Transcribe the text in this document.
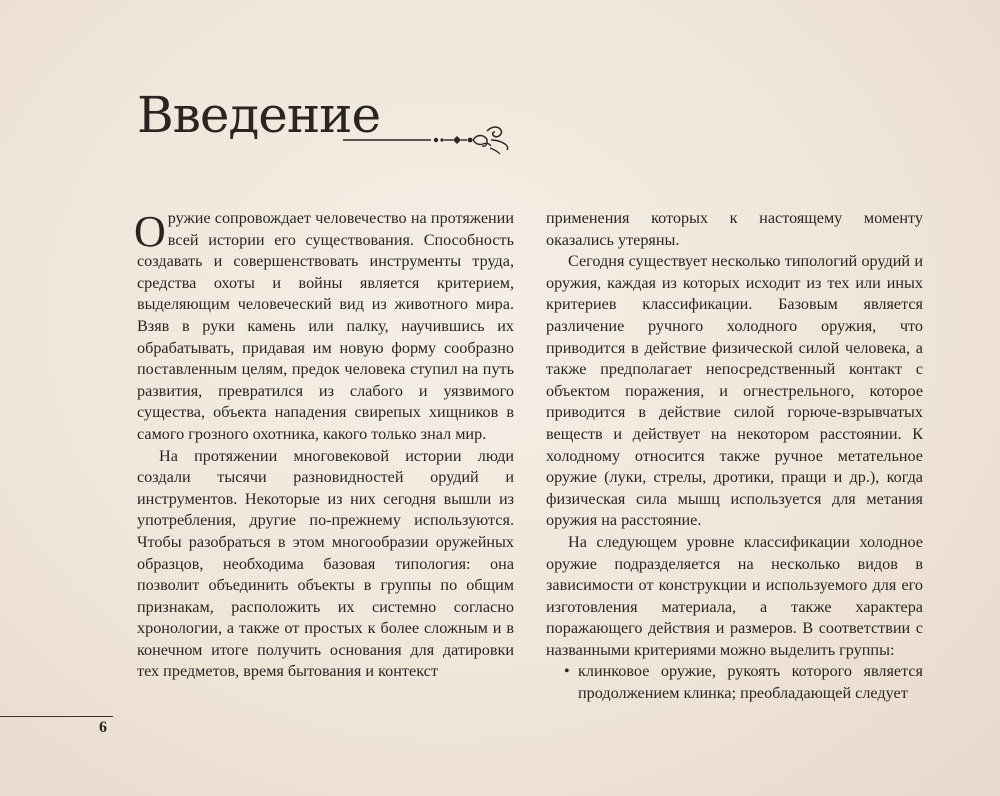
Введение

Оружие сопровождает человечество на протяжении всей истории его существования. Способность создавать и совершенствовать инструменты труда, средства охоты и войны является критерием, выделяющим человеческий вид из животного мира. Взяв в руки камень или палку, научившись их обрабатывать, придавая им новую форму сообразно поставленным целям, предок человека ступил на путь развития, превратился из слабого и уязвимого существа, объекта нападения свирепых хищников в самого грозного охотника, какого только знал мир.

На протяжении многовековой истории люди создали тысячи разновидностей орудий и инструментов. Некоторые из них сегодня вышли из употребления, другие по-прежнему используются. Чтобы разобраться в этом многообразии оружейных образцов, необходима базовая типология: она позволит объединить объекты в группы по общим признакам, расположить их системно согласно хронологии, а также от простых к более сложным и в конечном итоге получить основания для датировки тех предметов, время бытования и контекст

применения которых к настоящему моменту оказались утеряны.

Сегодня существует несколько типологий орудий и оружия, каждая из которых исходит из тех или иных критериев классификации. Базовым является различение ручного холодного оружия, что приводится в действие физической силой человека, а также предполагает непосредственный контакт с объектом поражения, и огнестрельного, которое приводится в действие силой горюче-взрывчатых веществ и действует на некотором расстоянии. К холодному относится также ручное метательное оружие (луки, стрелы, дротики, пращи и др.), когда физическая сила мышц используется для метания оружия на расстояние.

На следующем уровне классификации холодное оружие подразделяется на несколько видов в зависимости от конструкции и используемого для его изготовления материала, а также характера поражающего действия и размеров. В соответствии с названными критериями можно выделить группы:

• клинковое оружие, рукоять которого является продолжением клинка; преобладающей следует
6
